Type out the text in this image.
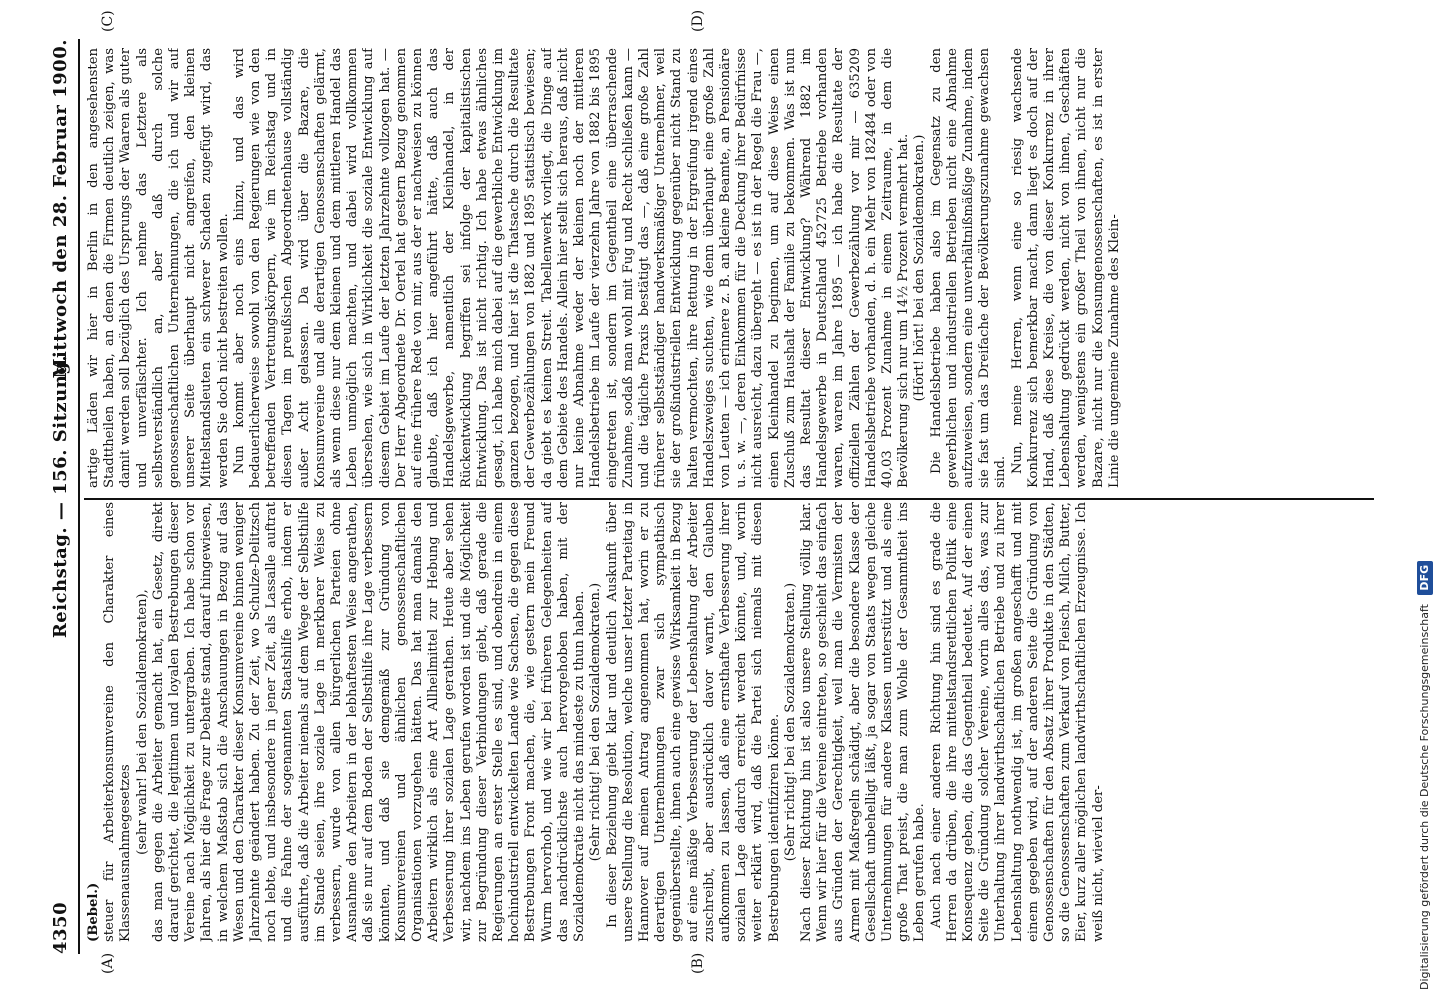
4350
Reichstag. — 156. Sitzung.
Mittwoch den 28. Februar 1900.
(A)	(B)
(C)	(D)

(Bebel.) steuer für Arbeiterkonsumvereine den Charakter eines Klassenausnahmegesetzes (sehr wahr! bei den Sozialdemokraten), das man gegen die Arbeiter gemacht hat, ein Gesetz, direkt darauf gerichtet, die legitimen und loyalen Bestrebungen dieser Vereine nach Möglichkeit zu untergraben. Ich habe schon vor Jahren, als hier die Frage zur Debatte stand, darauf hingewiesen, in welchem Maßstab sich die Anschauungen in Bezug auf das Wesen und den Charakter dieser Konsumvereine binnen weniger Jahrzehnte geändert haben. Zu der Zeit, wo Schulze-Delitzsch noch lebte, und insbesondere in jener Zeit, als Lassalle auftrat und die Fahne der sogenannten Staatshilfe erhob, indem er ausführte, daß die Arbeiter niemals auf dem Wege der Selbsthilfe im Stande seien, ihre soziale Lage in merkbarer Weise zu verbessern, wurde von allen bürgerlichen Parteien ohne Ausnahme den Arbeitern in der lebhaftesten Weise angerathen, daß sie nur auf dem Boden der Selbsthilfe ihre Lage verbessern könnten, und daß sie demgemäß zur Gründung von Konsumvereinen und ähnlichen genossenschaftlichen Organisationen vorzugehen hätten. Das hat man damals den Arbeitern wirklich als eine Art Allheilmittel zur Hebung und Verbesserung ihrer sozialen Lage gerathen. Heute aber sehen wir, nachdem ins Leben gerufen worden ist und die Möglichkeit zur Begründung dieser Verbindungen giebt, daß gerade die Regierungen an erster Stelle es sind, und obendrein in einem hochindustriell entwickelten Lande wie Sachsen, die gegen diese Bestrebungen Front machen, die, wie gestern mein Freund Wurm hervorhob, und wie wir bei früheren Gelegenheiten auf das nachdrücklichste auch hervorgehoben haben, mit der Sozialdemokratie nicht das mindeste zu thun haben. (Sehr richtig! bei den Sozialdemokraten.) In dieser Beziehung giebt klar und deutlich Auskunft über unsere Stellung die Resolution, welche unser letzter Parteitag in Hannover auf meinen Antrag angenommen hat, worin er zu derartigen Unternehmungen zwar sich sympathisch gegenüberstellte, ihnen auch eine gewisse Wirksamkeit in Bezug auf eine mäßige Verbesserung der Lebenshaltung der Arbeiter zuschreibt, aber ausdrücklich davor warnt, den Glauben aufkommen zu lassen, daß eine ernsthafte Verbesserung ihrer sozialen Lage dadurch erreicht werden könnte, und, worin weiter erklärt wird, daß die Partei sich niemals mit diesen Bestrebungen identifiziren könne. (Sehr richtig! bei den Sozialdemokraten.) Nach dieser Richtung hin ist also unsere Stellung völlig klar. Wenn wir hier für die Vereine eintreten, so geschieht das einfach aus Gründen der Gerechtigkeit, weil man die Vermisten der Armen mit Maßregeln schädigt, aber die besondere Klasse der Gesellschaft unbehelligt läßt, ja sogar von Staats wegen gleiche Unternehmungen für andere Klassen unterstützt und als eine große That preist, die man zum Wohle der Gesammtheit ins Leben gerufen habe. Auch nach einer anderen Richtung hin sind es grade die Herren da drüben, die ihre mittelstandsrettlichen Politik eine Konsequenz geben, die das Gegentheil bedeutet. Auf der einen Seite die Gründung solcher Vereine, worin alles das, was zur Unterhaltung ihrer landwirthschaftlichen Betriebe und zu ihrer Lebenshaltung nothwendig ist, im großen angeschafft und mit einem gegeben wird, auf der anderen Seite die Gründung von Genossenschaften für den Absatz ihrer Produkte in den Städten, so die Genossenschaften zum Verkauf von Fleisch, Milch, Butter, Eier, kurz aller möglichen landwirthschaftlichen Erzeugnisse. Ich weiß nicht, wieviel der-

artige Läden wir hier in Berlin in den angesehensten Stadttheilen haben, an denen die Firmen deutlich zeigen, was damit werden soll bezüglich des Ursprungs der Waaren als guter und unverfälschter. Ich nehme das Letztere als selbstverständlich an, aber daß durch solche genossenschaftlichen Unternehmungen, die ich und wir auf unserer Seite überhaupt nicht angreifen, den kleinen Mittelstandsleuten ein schwerer Schaden zugefügt wird, das werden Sie doch nicht bestreiten wollen. Nun kommt aber noch eins hinzu, und das wird bedauerlicherweise sowohl von den Regierungen wie von den betreffenden Vertretungskörpern, wie im Reichstag und in diesen Tagen im preußischen Abgeordnetenhause vollständig außer Acht gelassen. Da wird über die Bazare, die Konsumvereine und alle derartigen Genossenschaften gelärmt, als wenn diese nur dem kleinen und dem mittleren Handel das Leben unmöglich machten, und dabei wird vollkommen übersehen, wie sich in Wirklichkeit die soziale Entwicklung auf diesem Gebiet im Laufe der letzten Jahrzehnte vollzogen hat. — Der Herr Abgeordnete Dr. Oertel hat gestern Bezug genommen auf eine frühere Rede von mir, aus der er nachweisen zu können glaubte, daß ich hier angeführt hätte, daß auch das Handelsgewerbe, namentlich der Kleinhandel, in der Rückentwicklung begriffen sei infolge der kapitalistischen Entwicklung. Das ist nicht richtig. Ich habe etwas ähnliches gesagt, ich habe mich dabei auf die gewerbliche Entwicklung im ganzen bezogen, und hier ist die Thatsache durch die Resultate der Gewerbezählungen von 1882 und 1895 statistisch bewiesen; da giebt es keinen Streit. Tabellenwerk vorliegt, die Dinge auf dem Gebiete des Handels. Allein hier stellt sich heraus, daß nicht nur keine Abnahme weder der kleinen noch der mittleren Handelsbetriebe im Laufe der vierzehn Jahre von 1882 bis 1895 eingetreten ist, sondern im Gegentheil eine überraschende Zunahme, sodaß man wohl mit Fug und Recht schließen kann — und die tägliche Praxis bestätigt das —, daß eine große Zahl früherer selbstständiger handwerksmäßiger Unternehmer, weil sie der großindustriellen Entwicklung gegenüber nicht Stand zu halten vermochten, ihre Rettung in der Ergreifung irgend eines Handelszweiges suchten, wie denn überhaupt eine große Zahl von Leuten — ich erinnere z. B. an kleine Beamte, an Pensionäre u. s. w. —, deren Einkommen für die Deckung ihrer Bedürfnisse nicht ausreicht, dazu übergeht — es ist in der Regel die Frau —, einen Kleinhandel zu beginnen, um auf diese Weise einen Zuschuß zum Haushalt der Familie zu bekommen. Was ist nun das Resultat dieser Entwicklung? Während 1882 im Handelsgewerbe in Deutschland 452725 Betriebe vorhanden waren, waren im Jahre 1895 — ich habe die Resultate der offiziellen Zählen der Gewerbezählung vor mir — 635209 Handelsbetriebe vorhanden, d. h. ein Mehr von 182484 oder von 40,03 Prozent Zunahme in einem Zeitraume, in dem die Bevölkerung sich nur um 14½ Prozent vermehrt hat. (Hört! hört! bei den Sozialdemokraten.) Die Handelsbetriebe haben also im Gegensatz zu den gewerblichen und industriellen Betrieben nicht eine Abnahme aufzuweisen, sondern eine unverhältnißmäßige Zunahme, indem sie fast um das Dreifache der Bevölkerungszunahme gewachsen sind. Nun, meine Herren, wenn eine so riesig wachsende Konkurrenz sich bemerkbar macht, dann liegt es doch auf der Hand, daß diese Kreise, die von dieser Konkurrenz in ihrer Lebenshaltung gedrückt werden, nicht von ihnen, Geschäften werden, wenigstens ein großer Theil von ihnen, nicht nur die Bazare, nicht nur die Konsumgenossenschaften, es ist in erster Linie die ungemeine Zunahme des Klein-

Digitalisierung gefördert durch die Deutsche Forschungsgemeinschaft DFG
